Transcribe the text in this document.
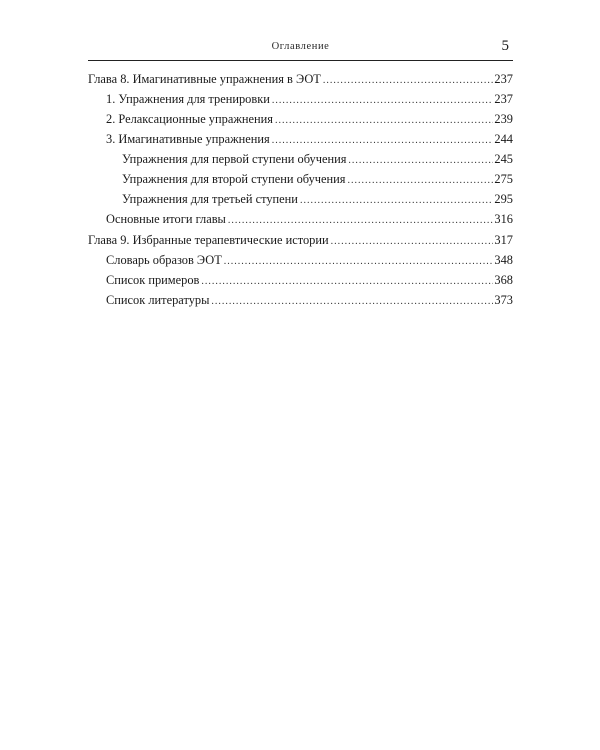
Оглавление	5
Глава 8. Имагинативные упражнения в ЭОТ .....	237
1. Упражнения для тренировки .....	237
2. Релаксационные упражнения .....	239
3. Имагинативные упражнения .....	244
Упражнения для первой ступени обучения .....	245
Упражнения для второй ступени обучения .....	275
Упражнения для третьей ступени .....	295
Основные итоги главы .....	316
Глава 9. Избранные терапевтические истории .....	317
Словарь образов ЭОТ .....	348
Список примеров .....	368
Список литературы .....	373
